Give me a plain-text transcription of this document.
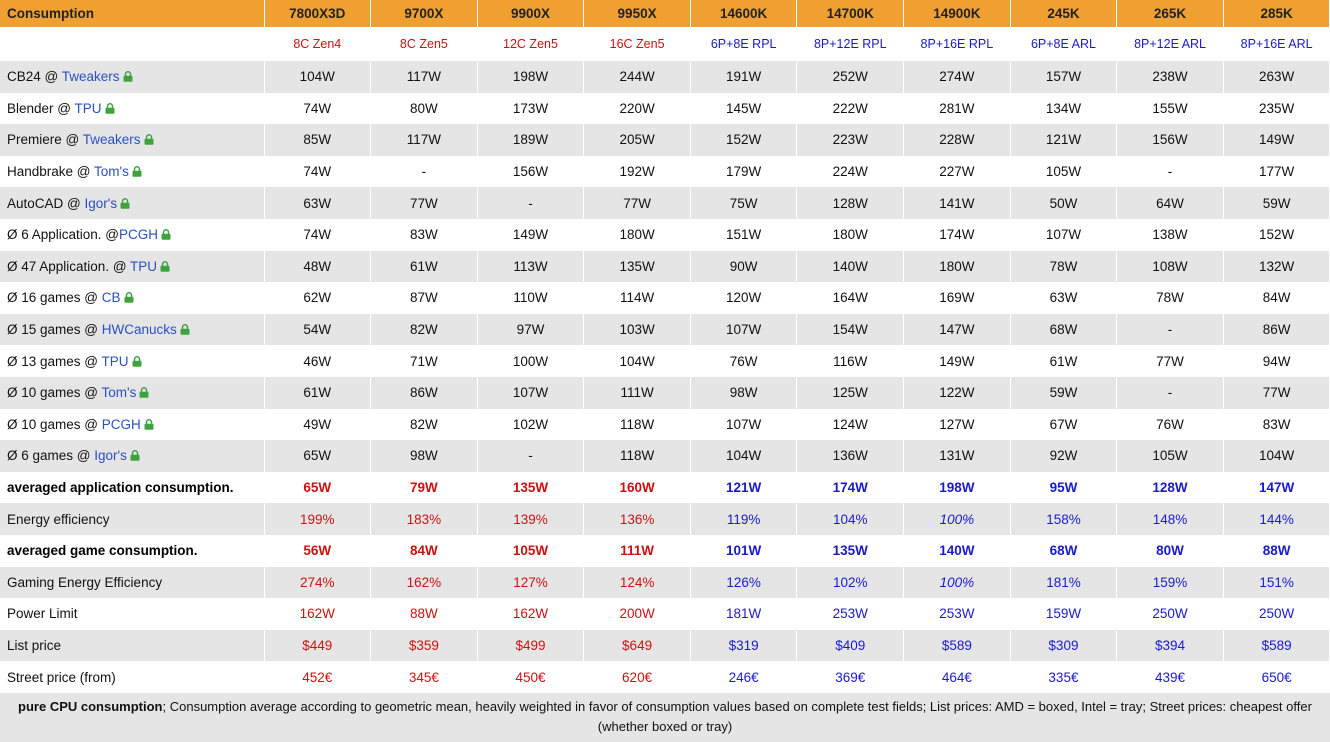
Consumption	7800X3D	9700X	9900X	9950X	14600K	14700K	14900K	245K	265K	285K
	8C Zen4	8C Zen5	12C Zen5	16C Zen5	6P+8E RPL	8P+12E RPL	8P+16E RPL	6P+8E ARL	8P+12E ARL	8P+16E ARL
CB24 @ Tweakers	104W	117W	198W	244W	191W	252W	274W	157W	238W	263W
Blender @ TPU	74W	80W	173W	220W	145W	222W	281W	134W	155W	235W
Premiere @ Tweakers	85W	117W	189W	205W	152W	223W	228W	121W	156W	149W
Handbrake @ Tom's	74W	-	156W	192W	179W	224W	227W	105W	-	177W
AutoCAD @ Igor's	63W	77W	-	77W	75W	128W	141W	50W	64W	59W
Ø 6 Application. @PCGH	74W	83W	149W	180W	151W	180W	174W	107W	138W	152W
Ø 47 Application. @ TPU	48W	61W	113W	135W	90W	140W	180W	78W	108W	132W
Ø 16 games @ CB	62W	87W	110W	114W	120W	164W	169W	63W	78W	84W
Ø 15 games @ HWCanucks	54W	82W	97W	103W	107W	154W	147W	68W	-	86W
Ø 13 games @ TPU	46W	71W	100W	104W	76W	116W	149W	61W	77W	94W
Ø 10 games @ Tom's	61W	86W	107W	111W	98W	125W	122W	59W	-	77W
Ø 10 games @ PCGH	49W	82W	102W	118W	107W	124W	127W	67W	76W	83W
Ø 6 games @ Igor's	65W	98W	-	118W	104W	136W	131W	92W	105W	104W
averaged application consumption.	65W	79W	135W	160W	121W	174W	198W	95W	128W	147W
Energy efficiency	199%	183%	139%	136%	119%	104%	100%	158%	148%	144%
averaged game consumption.	56W	84W	105W	111W	101W	135W	140W	68W	80W	88W
Gaming Energy Efficiency	274%	162%	127%	124%	126%	102%	100%	181%	159%	151%
Power Limit	162W	88W	162W	200W	181W	253W	253W	159W	250W	250W
List price	$449	$359	$499	$649	$319	$409	$589	$309	$394	$589
Street price (from)	452€	345€	450€	620€	246€	369€	464€	335€	439€	650€
pure CPU consumption; Consumption average according to geometric mean, heavily weighted in favor of consumption values based on complete test fields; List prices: AMD = boxed, Intel = tray; Street prices: cheapest offer (whether boxed or tray)
